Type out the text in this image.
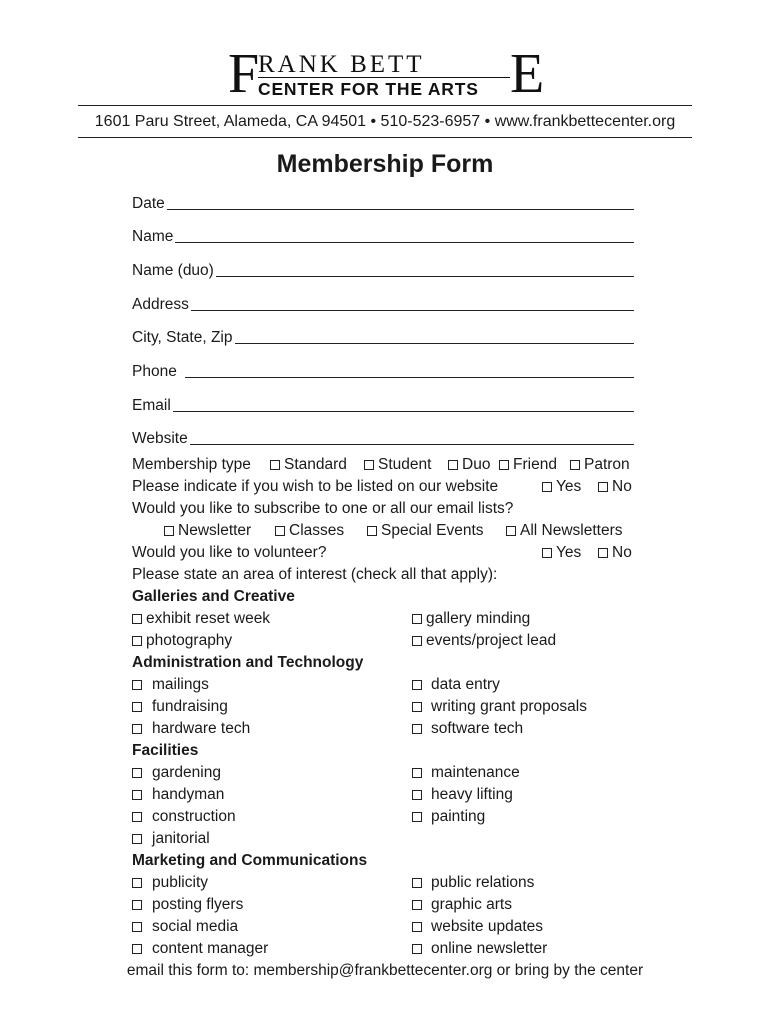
F
RANK BETT
CENTER FOR THE ARTS E
1601 Paru Street, Alameda, CA 94501 • 510-523-6957 • www.frankbettecenter.org
Membership Form
Date
Name
Name (duo)
Address
City, State, Zip
Phone
Email
Website
Membership type	Standard	Student	Duo	Friend	Patron
Please indicate if you wish to be listed on our website	Yes	No
Would you like to subscribe to one or all our email lists?
Newsletter	Classes	Special Events	All Newsletters
Would you like to volunteer?	Yes	No
Please state an area of interest (check all that apply):
Galleries and Creative
exhibit reset week	gallery minding
photography	events/project lead
Administration and Technology
mailings	data entry
fundraising	writing grant proposals
hardware tech	software tech
Facilities
gardening	maintenance
handyman	heavy lifting
construction	painting
janitorial
Marketing and Communications
publicity	public relations
posting flyers	graphic arts
social media	website updates
content manager	online newsletter
email this form to: membership@frankbettecenter.org or bring by the center
